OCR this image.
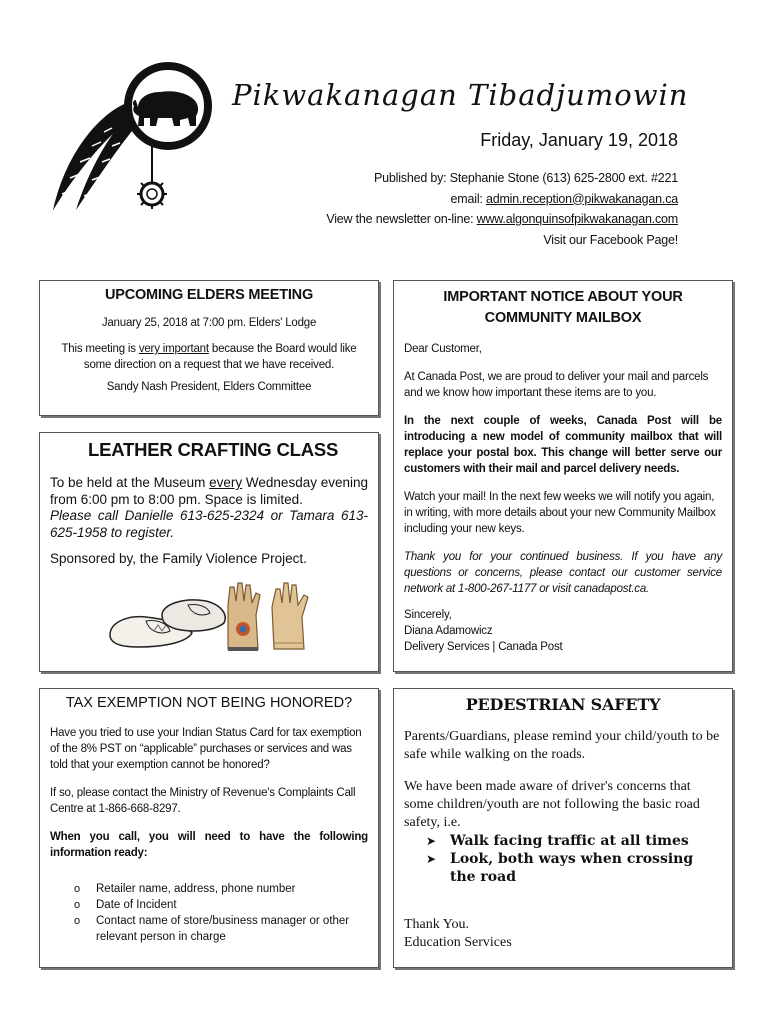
Pikwakanagan Tibadjumowin
Friday, January 19, 2018
Published by: Stephanie Stone (613) 625-2800 ext. #221
email: admin.reception@pikwakanagan.ca
View the newsletter on-line: www.algonquinsofpikwakanagan.com
Visit our Facebook Page!
UPCOMING ELDERS MEETING

January 25, 2018 at 7:00 pm. Elders' Lodge

This meeting is very important because the Board would like some direction on a request that we have received.

Sandy Nash President, Elders Committee

LEATHER CRAFTING CLASS

To be held at the Museum every Wednesday evening from 6:00 pm to 8:00 pm. Space is limited.
Please call Danielle 613-625-2324 or Tamara 613-625-1958 to register.

Sponsored by, the Family Violence Project.

IMPORTANT NOTICE ABOUT YOUR COMMUNITY MAILBOX

Dear Customer,

At Canada Post, we are proud to deliver your mail and parcels and we know how important these items are to you.

In the next couple of weeks, Canada Post will be introducing a new model of community mailbox that will replace your postal box. This change will better serve our customers with their mail and parcel delivery needs.

Watch your mail! In the next few weeks we will notify you again, in writing, with more details about your new Community Mailbox including your new keys.

Thank you for your continued business. If you have any questions or concerns, please contact our customer service network at 1-800-267-1177 or visit canadapost.ca.

Sincerely,

Diana Adamowicz

Delivery Services | Canada Post

TAX EXEMPTION NOT BEING HONORED?

Have you tried to use your Indian Status Card for tax exemption of the 8% PST on “applicable” purchases or services and was told that your exemption cannot be honored?

If so, please contact the Ministry of Revenue's Complaints Call Centre at 1-866-668-8297.

When you call, you will need to have the following information ready:

o Retailer name, address, phone number
o Date of Incident
o Contact name of store/business manager or other relevant person in charge
PEDESTRIAN SAFETY

Parents/Guardians, please remind your child/youth to be safe while walking on the roads.

We have been made aware of driver's concerns that some children/youth are not following the basic road safety, i.e.

➤ Walk facing traffic at all times
➤ Look, both ways when crossing the road

Thank You.

Education Services
